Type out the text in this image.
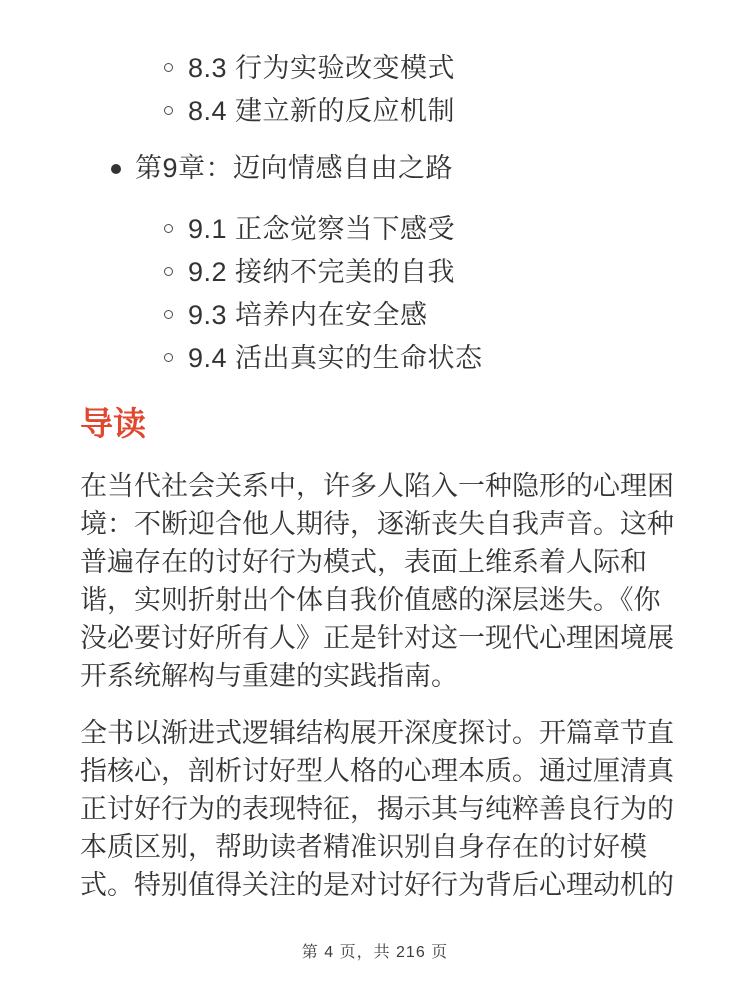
8.3 行为实验改变模式
8.4 建立新的反应机制
第9章：迈向情感自由之路
9.1 正念觉察当下感受
9.2 接纳不完美的自我
9.3 培养内在安全感
9.4 活出真实的生命状态
导读

在当代社会关系中，许多人陷入一种隐形的心理困境：不断迎合他人期待，逐渐丧失自我声音。这种普遍存在的讨好行为模式，表面上维系着人际和谐，实则折射出个体自我价值感的深层迷失。《你没必要讨好所有人》正是针对这一现代心理困境展开系统解构与重建的实践指南。

全书以渐进式逻辑结构展开深度探讨。开篇章节直指核心，剖析讨好型人格的心理本质。通过厘清真正讨好行为的表现特征，揭示其与纯粹善良行为的本质区别，帮助读者精准识别自身存在的讨好模式。特别值得关注的是对讨好行为背后心理动机的

第 4 页，共 216 页
